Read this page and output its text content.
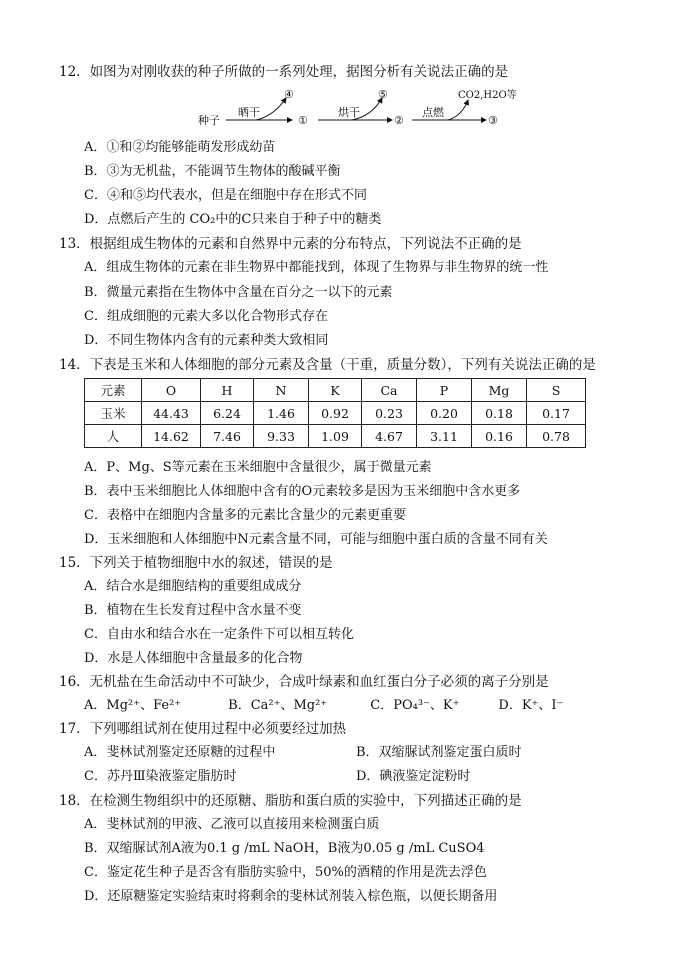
12．如图为对刚收获的种子所做的一系列处理，据图分析有关说法正确的是
种子
晒干
④
①
烘干
⑤
②
点燃
CO2,H2O等
③
A．①和②均能够能萌发形成幼苗
B．③为无机盐，不能调节生物体的酸碱平衡
C．④和⑤均代表水，但是在细胞中存在形式不同
D．点燃后产生的 CO₂中的C只来自于种子中的糖类
13．根据组成生物体的元素和自然界中元素的分布特点，下列说法不正确的是
A．组成生物体的元素在非生物界中都能找到，体现了生物界与非生物界的统一性
B．微量元素指在生物体中含量在百分之一以下的元素
C．组成细胞的元素大多以化合物形式存在
D．不同生物体内含有的元素种类大致相同
14．下表是玉米和人体细胞的部分元素及含量（干重，质量分数），下列有关说法正确的是
元素	O	H	N	K	Ca	P	Mg	S
玉米	44.43	6.24	1.46	0.92	0.23	0.20	0.18	0.17
人	14.62	7.46	9.33	1.09	4.67	3.11	0.16	0.78
A．P、Mg、S等元素在玉米细胞中含量很少，属于微量元素
B．表中玉米细胞比人体细胞中含有的O元素较多是因为玉米细胞中含水更多
C．表格中在细胞内含量多的元素比含量少的元素更重要
D．玉米细胞和人体细胞中N元素含量不同，可能与细胞中蛋白质的含量不同有关
15．下列关于植物细胞中水的叙述，错误的是
A．结合水是细胞结构的重要组成成分
B．植物在生长发育过程中含水量不变
C．自由水和结合水在一定条件下可以相互转化
D．水是人体细胞中含量最多的化合物
16．无机盐在生命活动中不可缺少，合成叶绿素和血红蛋白分子必须的离子分别是
A．Mg²⁺、Fe²⁺	B．Ca²⁺、Mg²⁺	C．PO₄³⁻、K⁺	D．K⁺、I⁻
17．下列哪组试剂在使用过程中必须要经过加热
A．斐林试剂鉴定还原糖的过程中	B．双缩脲试剂鉴定蛋白质时
C．苏丹Ⅲ染液鉴定脂肪时	D．碘液鉴定淀粉时
18．在检测生物组织中的还原糖、脂肪和蛋白质的实验中，下列描述正确的是
A．斐林试剂的甲液、乙液可以直接用来检测蛋白质
B．双缩脲试剂A液为0.1 g /mL NaOH，B液为0.05 g /mL CuSO4
C．鉴定花生种子是否含有脂肪实验中，50%的酒精的作用是洗去浮色
D．还原糖鉴定实验结束时将剩余的斐林试剂装入棕色瓶，以便长期备用
